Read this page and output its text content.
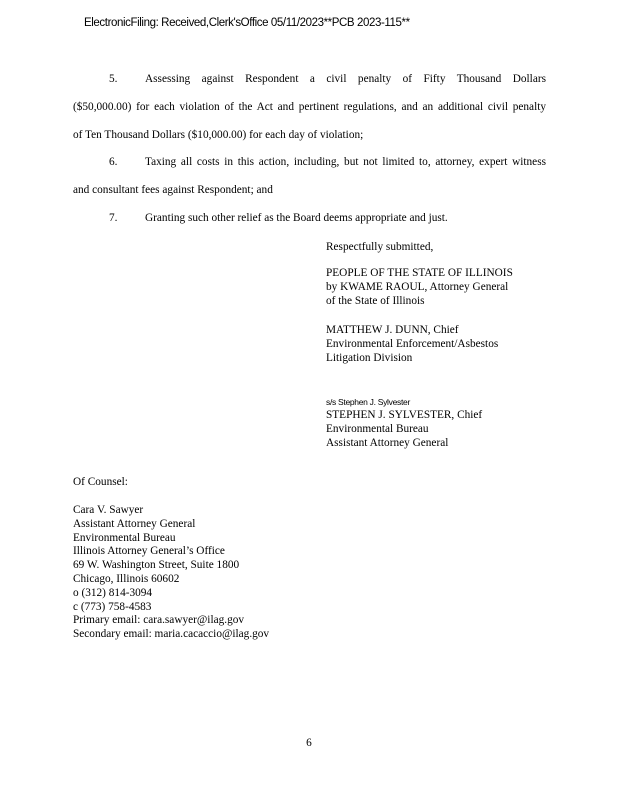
ElectronicFiling: Received,Clerk'sOffice 05/11/2023**PCB 2023-115**
5. Assessing against Respondent a civil penalty of Fifty Thousand Dollars
($50,000.00) for each violation of the Act and pertinent regulations, and an additional civil penalty
of Ten Thousand Dollars ($10,000.00) for each day of violation;
6. Taxing all costs in this action, including, but not limited to, attorney, expert witness
and consultant fees against Respondent; and
7. Granting such other relief as the Board deems appropriate and just.
Respectfully submitted,
PEOPLE OF THE STATE OF ILLINOIS
by KWAME RAOUL, Attorney General
of the State of Illinois
MATTHEW J. DUNN, Chief
Environmental Enforcement/Asbestos
Litigation Division
s/s Stephen J. Sylvester
STEPHEN J. SYLVESTER, Chief
Environmental Bureau
Assistant Attorney General
Of Counsel:
Cara V. Sawyer
Assistant Attorney General
Environmental Bureau
Illinois Attorney General’s Office
69 W. Washington Street, Suite 1800
Chicago, Illinois 60602
o (312) 814-3094
c (773) 758-4583
Primary email: cara.sawyer@ilag.gov
Secondary email: maria.cacaccio@ilag.gov
6
